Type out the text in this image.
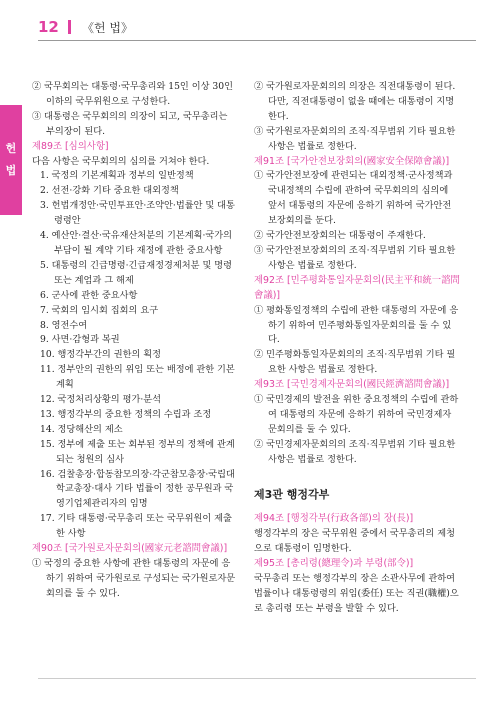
12 《헌 법》
헌
법

② 국무회의는 대통령·국무총리와 15인 이상 30인 이하의 국무위원으로 구성한다.

③ 대통령은 국무회의의 의장이 되고, 국무총리는 부의장이 된다.

제89조 [심의사항]

다음 사항은 국무회의의 심의를 거쳐야 한다.

1. 국정의 기본계획과 정부의 일반정책

2. 선전·강화 기타 중요한 대외정책

3. 헌법개정안·국민투표안·조약안·법률안 및 대통령령안

4. 예산안·결산·국유재산처분의 기본계획·국가의 부담이 될 계약 기타 재정에 관한 중요사항

5. 대통령의 긴급명령·긴급재정경제처분 및 명령 또는 계엄과 그 해제

6. 군사에 관한 중요사항

7. 국회의 임시회 집회의 요구

8. 영전수여

9. 사면·감형과 복권

10. 행정각부간의 권한의 획정

11. 정부안의 권한의 위임 또는 배정에 관한 기본계획

12. 국정처리상황의 평가·분석

13. 행정각부의 중요한 정책의 수립과 조정

14. 정당해산의 제소

15. 정부에 제출 또는 회부된 정부의 정책에 관계되는 청원의 심사

16. 검찰총장·합동참모의장·각군참모총장·국립대학교총장·대사 기타 법률이 정한 공무원과 국영기업체관리자의 임명

17. 기타 대통령·국무총리 또는 국무위원이 제출한 사항

제90조 [국가원로자문회의(國家元老諮問會議)]

① 국정의 중요한 사항에 관한 대통령의 자문에 응하기 위하여 국가원로로 구성되는 국가원로자문회의를 둘 수 있다.

② 국가원로자문회의의 의장은 직전대통령이 된다. 다만, 직전대통령이 없을 때에는 대통령이 지명한다.

③ 국가원로자문회의의 조직·직무범위 기타 필요한 사항은 법률로 정한다.

제91조 [국가안전보장회의(國家安全保障會議)]

① 국가안전보장에 관련되는 대외정책·군사정책과 국내정책의 수립에 관하여 국무회의의 심의에 앞서 대통령의 자문에 응하기 위하여 국가안전보장회의를 둔다.

② 국가안전보장회의는 대통령이 주재한다.

③ 국가안전보장회의의 조직·직무범위 기타 필요한 사항은 법률로 정한다.

제92조 [민주평화통일자문회의(民主平和統一諮問會議)]

① 평화통일정책의 수립에 관한 대통령의 자문에 응하기 위하여 민주평화통일자문회의를 둘 수 있다.

② 민주평화통일자문회의의 조직·직무범위 기타 필요한 사항은 법률로 정한다.

제93조 [국민경제자문회의(國民經濟諮問會議)]

① 국민경제의 발전을 위한 중요정책의 수립에 관하여 대통령의 자문에 응하기 위하여 국민경제자문회의를 둘 수 있다.

② 국민경제자문회의의 조직·직무범위 기타 필요한 사항은 법률로 정한다.

제3관 행정각부

제94조 [행정각부(行政各部)의 장(長)]

행정각부의 장은 국무위원 중에서 국무총리의 제청으로 대통령이 임명한다.

제95조 [총리령(總理令)과 부령(部令)]

국무총리 또는 행정각부의 장은 소관사무에 관하여 법률이나 대통령령의 위임(委任) 또는 직권(職權)으로 총리령 또는 부령을 발할 수 있다.
